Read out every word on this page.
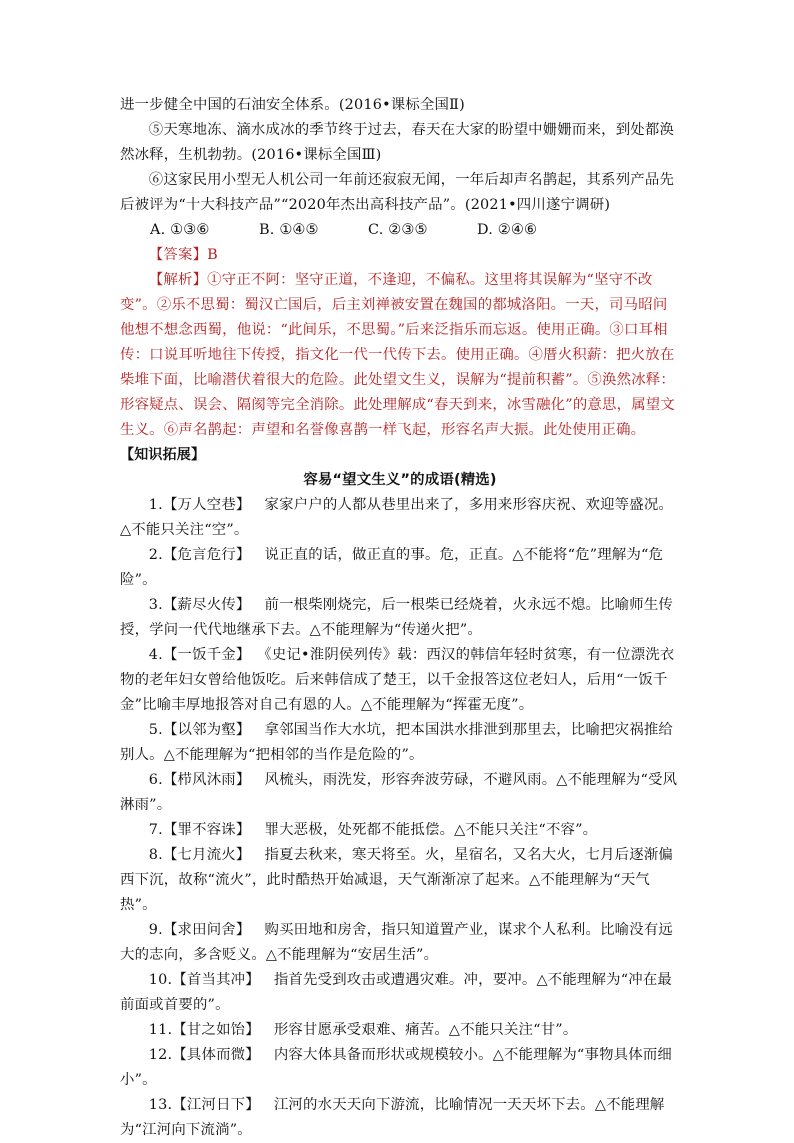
进一步健全中国的石油安全体系。(2016•课标全国Ⅱ)

⑤天寒地冻、滴水成冰的季节终于过去，春天在大家的盼望中姗姗而来，到处都涣然冰释，生机勃勃。(2016•课标全国Ⅲ)

⑥这家民用小型无人机公司一年前还寂寂无闻，一年后却声名鹊起，其系列产品先后被评为“十大科技产品”“2020年杰出高科技产品”。(2021•四川遂宁调研)

A. ①③⑥	B. ①④⑤	C. ②③⑤	D. ②④⑥

【答案】B

【解析】①守正不阿：坚守正道，不逢迎，不偏私。这里将其误解为“坚守不改变”。②乐不思蜀：蜀汉亡国后，后主刘禅被安置在魏国的都城洛阳。一天，司马昭问他想不想念西蜀，他说：“此间乐，不思蜀。”后来泛指乐而忘返。使用正确。③口耳相传：口说耳听地往下传授，指文化一代一代传下去。使用正确。④厝火积薪：把火放在柴堆下面，比喻潜伏着很大的危险。此处望文生义，误解为“提前积蓄”。⑤涣然冰释：形容疑点、误会、隔阂等完全消除。此处理解成“春天到来，冰雪融化”的意思，属望文生义。⑥声名鹊起：声望和名誉像喜鹊一样飞起，形容名声大振。此处使用正确。

【知识拓展】

容易“望文生义”的成语(精选)

1.【万人空巷】 家家户户的人都从巷里出来了，多用来形容庆祝、欢迎等盛况。△不能只关注“空”。

2.【危言危行】 说正直的话，做正直的事。危，正直。△不能将“危”理解为“危险”。

3.【薪尽火传】 前一根柴刚烧完，后一根柴已经烧着，火永远不熄。比喻师生传授，学问一代代地继承下去。△不能理解为“传递火把”。

4.【一饭千金】 《史记•淮阴侯列传》载：西汉的韩信年轻时贫寒，有一位漂洗衣物的老年妇女曾给他饭吃。后来韩信成了楚王，以千金报答这位老妇人，后用“一饭千金”比喻丰厚地报答对自己有恩的人。△不能理解为“挥霍无度”。

5.【以邻为壑】 拿邻国当作大水坑，把本国洪水排泄到那里去，比喻把灾祸推给别人。△不能理解为“把相邻的当作是危险的”。

6.【栉风沐雨】 风梳头，雨洗发，形容奔波劳碌，不避风雨。△不能理解为“受风淋雨”。

7.【罪不容诛】 罪大恶极，处死都不能抵偿。△不能只关注“不容”。

8.【七月流火】 指夏去秋来，寒天将至。火，星宿名，又名大火，七月后逐渐偏西下沉，故称“流火”，此时酷热开始减退，天气渐渐凉了起来。△不能理解为“天气热”。

9.【求田问舍】 购买田地和房舍，指只知道置产业，谋求个人私利。比喻没有远大的志向，多含贬义。△不能理解为“安居生活”。

10.【首当其冲】 指首先受到攻击或遭遇灾难。冲，要冲。△不能理解为“冲在最前面或首要的”。

11.【甘之如饴】 形容甘愿承受艰难、痛苦。△不能只关注“甘”。

12.【具体而微】 内容大体具备而形状或规模较小。△不能理解为“事物具体而细小”。

13.【江河日下】 江河的水天天向下游流，比喻情况一天天坏下去。△不能理解为“江河向下流淌”。
